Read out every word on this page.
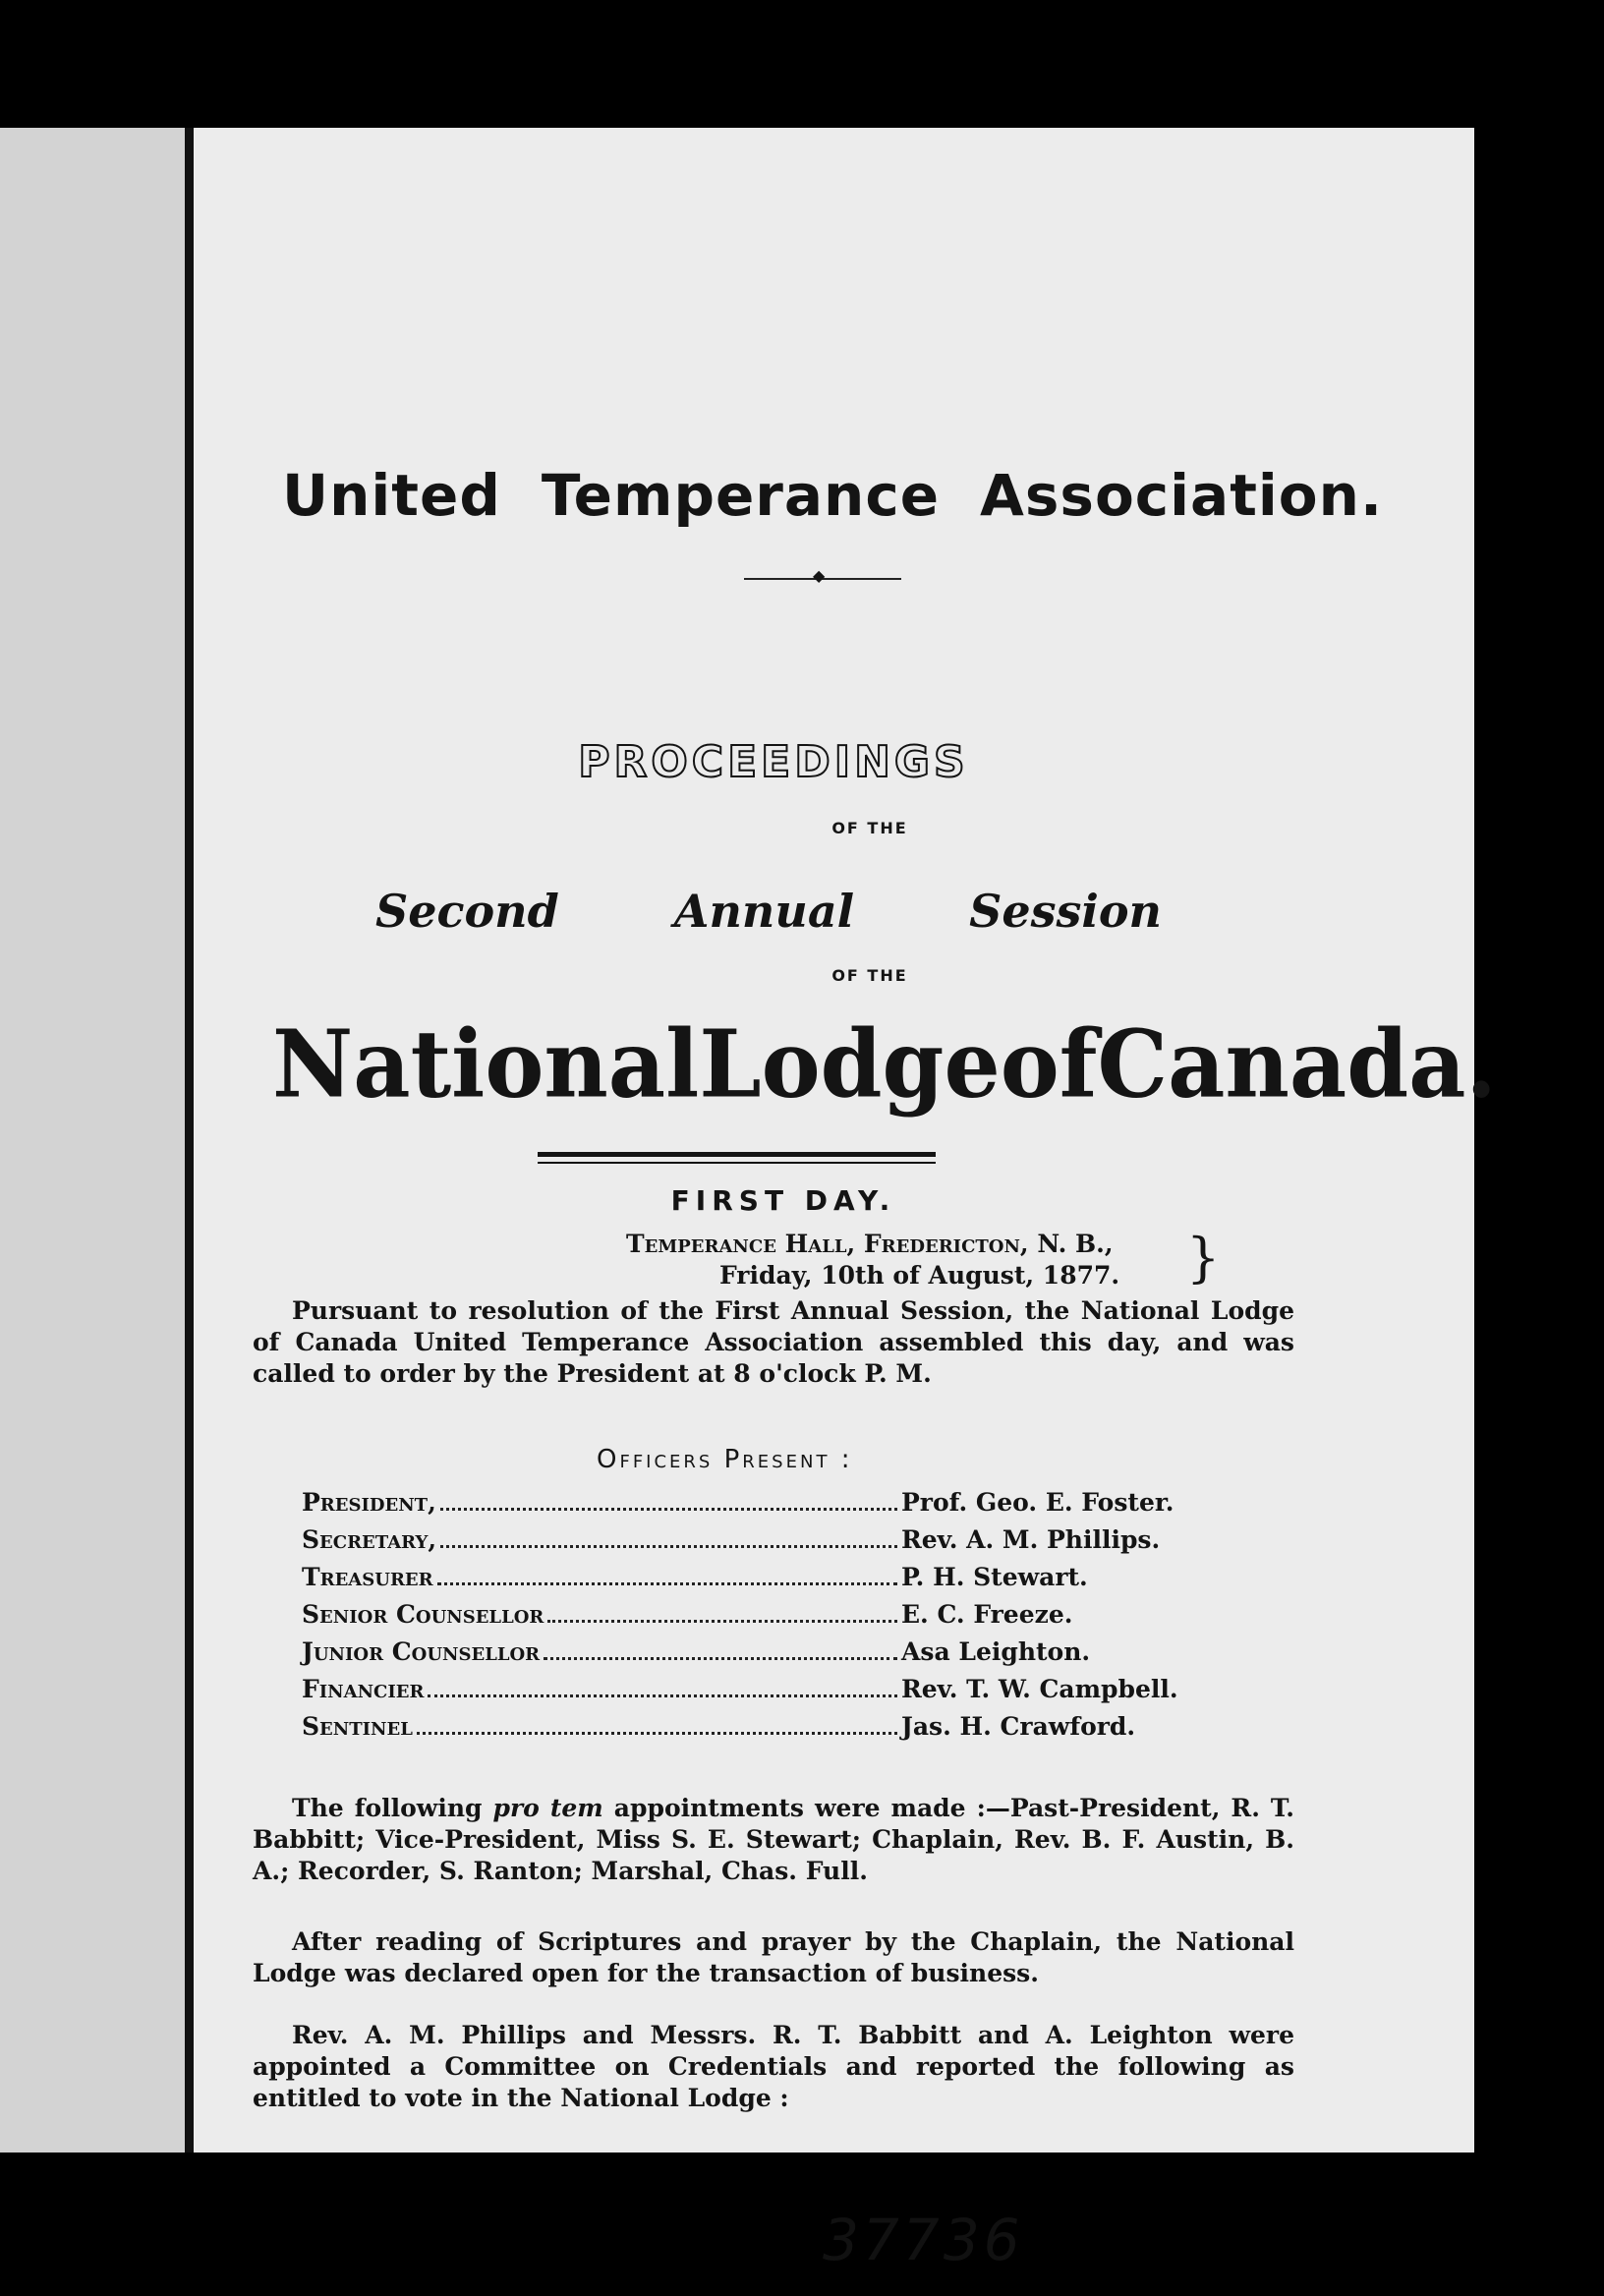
United Temperance Association.
◆
PROCEEDINGS
OF THE
Second	Annual	Session
OF THE
National Lodge of Canada.
FIRST DAY.
Temperance Hall, Fredericton, N. B.,
Friday, 10th of August, 1877.	}
Pursuant to resolution of the First Annual Session, the National Lodge of Canada United Temperance Association assembled this day, and was called to order by the President at 8 o'clock P. M.
Officers Present :
President,	Prof. Geo. E. Foster.
Secretary,	Rev. A. M. Phillips.
Treasurer	P. H. Stewart.
Senior Counsellor	E. C. Freeze.
Junior Counsellor	Asa Leighton.
Financier	Rev. T. W. Campbell.
Sentinel	Jas. H. Crawford.
The following pro tem appointments were made :—Past-President, R. T. Babbitt; Vice-President, Miss S. E. Stewart; Chaplain, Rev. B. F. Austin, B. A.; Recorder, S. Ranton; Marshal, Chas. Full.
After reading of Scriptures and prayer by the Chaplain, the National Lodge was declared open for the transaction of business.
Rev. A. M. Phillips and Messrs. R. T. Babbitt and A. Leighton were appointed a Committee on Credentials and reported the following as entitled to vote in the National Lodge :
37736
